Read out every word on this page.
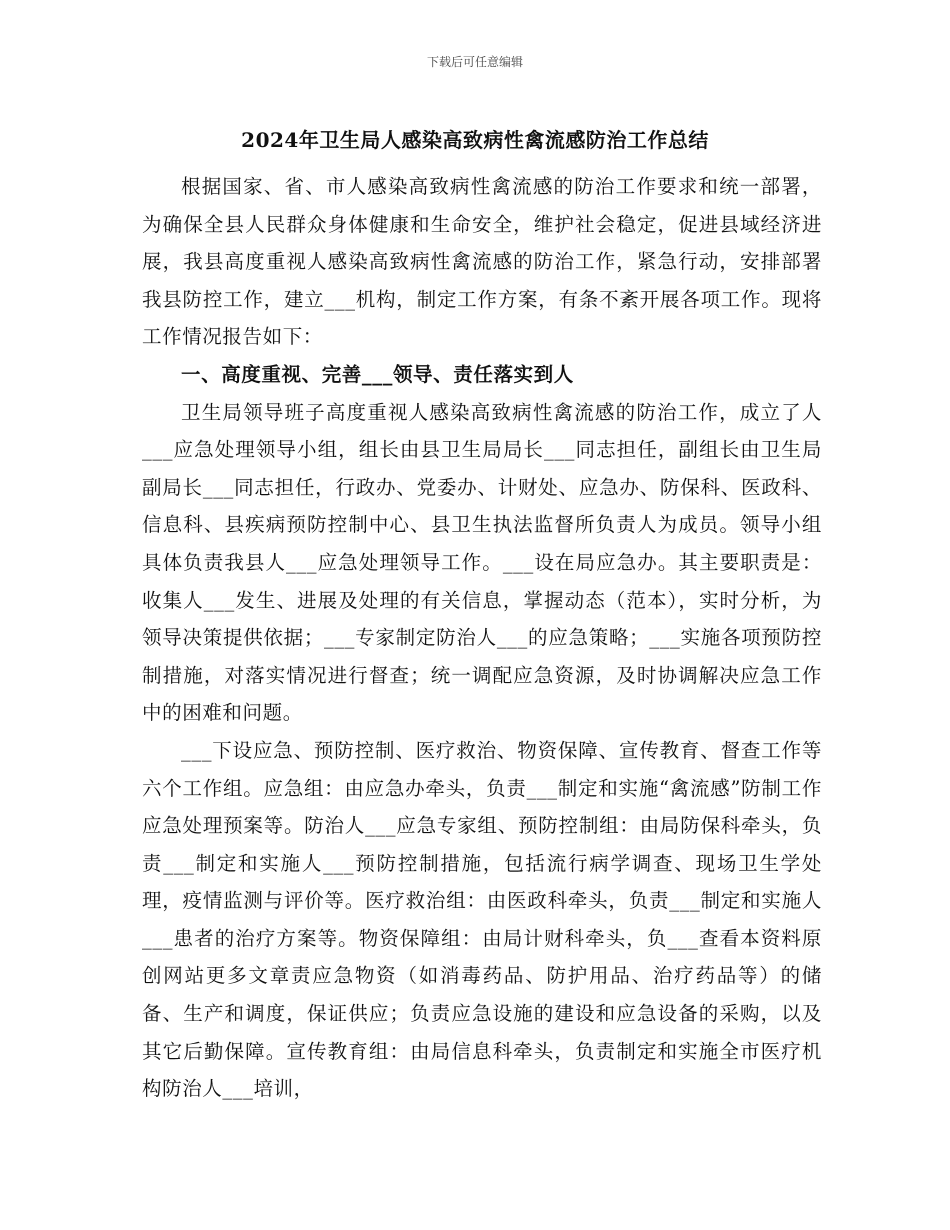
下载后可任意编辑
2024年卫生局人感染高致病性禽流感防治工作总结

根据国家、省、市人感染高致病性禽流感的防治工作要求和统一部署，为确保全县人民群众身体健康和生命安全，维护社会稳定，促进县域经济进展，我县高度重视人感染高致病性禽流感的防治工作，紧急行动，安排部署我县防控工作，建立___机构，制定工作方案，有条不紊开展各项工作。现将工作情况报告如下：

一、高度重视、完善___领导、责任落实到人

卫生局领导班子高度重视人感染高致病性禽流感的防治工作，成立了人___应急处理领导小组，组长由县卫生局局长___同志担任，副组长由卫生局副局长___同志担任，行政办、党委办、计财处、应急办、防保科、医政科、信息科、县疾病预防控制中心、县卫生执法监督所负责人为成员。领导小组具体负责我县人___应急处理领导工作。___设在局应急办。其主要职责是：收集人___发生、进展及处理的有关信息，掌握动态（范本），实时分析，为领导决策提供依据；___专家制定防治人___的应急策略；___实施各项预防控制措施，对落实情况进行督查；统一调配应急资源，及时协调解决应急工作中的困难和问题。

___下设应急、预防控制、医疗救治、物资保障、宣传教育、督查工作等六个工作组。应急组：由应急办牵头，负责___制定和实施“禽流感”防制工作应急处理预案等。防治人___应急专家组、预防控制组：由局防保科牵头，负责___制定和实施人___预防控制措施，包括流行病学调查、现场卫生学处理，疫情监测与评价等。医疗救治组：由医政科牵头，负责___制定和实施人___患者的治疗方案等。物资保障组：由局计财科牵头，负___查看本资料原创网站更多文章责应急物资（如消毒药品、防护用品、治疗药品等）的储备、生产和调度，保证供应；负责应急设施的建设和应急设备的采购，以及其它后勤保障。宣传教育组：由局信息科牵头，负责制定和实施全市医疗机构防治人___培训，
